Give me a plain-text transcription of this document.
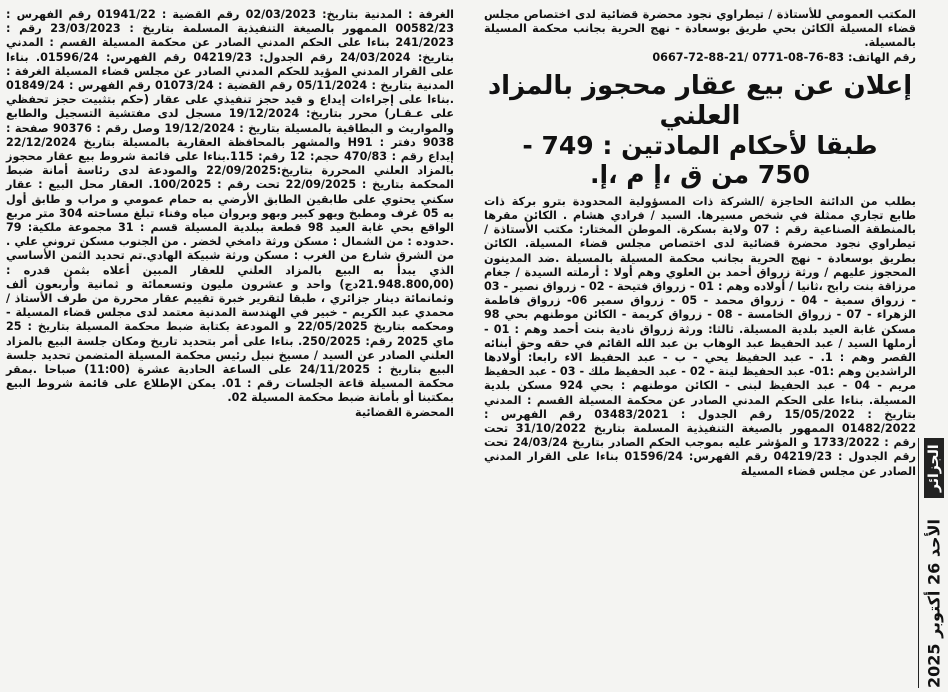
المكتب العمومي للأستاذة / تيطراوي نجود محضرة قضائية لدى اختصاص مجلس قضاء المسيلة الكائن بحي طريق بوسعادة - نهج الحرية بجانب محكمة المسيلة بالمسيلة.

رقم الهاتف: 83-76-08-0771 /21-88-72-0667

إعلان عن بيع عقار محجوز بالمزاد
العلني
طبقا لأحكام المادتين : 749 -
750 من ق ،إ م ،إ.

بطلب من الدائنة الحاجزة /الشركة ذات المسؤولية المحدودة بترو بركة ذات طابع تجاري ممثلة في شخص مسيرها. السيد / فرادي هشام . الكائن مقرها بالمنطقة الصناعية رقم : 07 ولاية بسكرة. الموطن المختار: مكتب الأستاذة / تيطراوي نجود محضرة قضائية لدى اختصاص مجلس قضاء المسيلة. الكائن بطريق بوسعادة - نهج الحرية بجانب محكمة المسيلة بالمسيلة .ضد المدينون المحجوز عليهم / ورثة زرواق أحمد بن العلوي وهم أولا : أرملته السيدة / جغام مرزاقة بنت رابح ،ثانيا / أولاده وهم : 01 - زرواق فتيحة - 02 - زرواق نصير - 03 - زرواق سمية - 04 - زرواق محمد - 05 - زرواق سمير 06- زرواق فاطمة الزهراء - 07 - زرواق الخامسة - 08 - زرواق كريمة - الكائن موطنهم بحي 98 مسكن غابة العيد بلدية المسيلة. ثالثا: ورثة زرواق نادية بنت أحمد وهم : 01 - أرملها السيد / عبد الحفيظ عبد الوهاب بن عبد الله القائم في حقه وحق أبنائه القصر وهم : 1. - عبد الحفيظ يحي - ب - عبد الحفيظ الاء رابعا: أولادها الراشدين وهم :01- عبد الحفيظ لينة - 02 - عبد الحفيظ ملك - 03 - عبد الحفيظ مريم - 04 - عبد الحفيظ لبنى - الكائن موطنهم : بحي 924 مسكن بلدية المسيلة. بناءا على الحكم المدني الصادر عن محكمة المسيلة القسم : المدني بتاريخ : 15/05/2022 رقم الجدول : 03483/2021 رقم الفهرس : 01482/2022 الممهور بالصيغة التنفيذية المسلمة بتاريخ 31/10/2022 تحت رقم : 1733/2022 و المؤشر عليه بموجب الحكم الصادر بتاريخ 24/03/24 تحت رقم الجدول : 04219/23 رقم الفهرس: 01596/24 بناءا على القرار المدني الصادر عن مجلس قضاء المسيلة

الغرفة : المدنية بتاريخ: 02/03/2023 رقم القضية : 01941/22 رقم الفهرس : 00582/23 الممهور بالصيغة التنفيذية المسلمة بتاريخ : 23/03/2023 رقم : 241/2023 بناءا على الحكم المدني الصادر عن محكمة المسيلة القسم : المدني بتاريخ: 24/03/2024 رقم الجدول: 04219/23 رقم الفهرس: 01596/24. بناءا على القرار المدني المؤيد للحكم المدني الصادر عن مجلس قضاء المسيلة الغرفة : المدنية بتاريخ : 05/11/2024 رقم القضية : 01073/24 رقم الفهرس : 01849/24 .بناءا على إجراءات إيداع و قيد حجز تنفيذي على عقار (حكم بتثبيت حجز تحفظي على عـقـار) محرر بتاريخ: 19/12/2024 مسجل لدى مفتشية التسجيل والطابع والمواريث و البطاقية بالمسيلة بتاريخ : 19/12/2024 وصل رقم : 90376 صفحة : 9038 دفتر : H91 والمشهر بالمحافظة العقارية بالمسيلة بتاريخ 22/12/2024 إيداع رقم : 470/83 حجم: 12 رقم: 115.بناءا على قائمة شروط بيع عقار محجوز بالمزاد العلني المحررة بتاريخ:22/09/2025 والمودعة لدى رئاسة أمانة ضبط المحكمة بتاريخ : 22/09/2025 تحت رقم : 100/2025. العقار محل البيع : عقار سكني يحتوي على طابقين الطابق الأرضي به حمام عمومي و مراب و طابق أول به 05 غرف ومطبخ ويهو كبير وبهو وبروان مياه وفناء تبلغ مساحته 304 متر مربع الواقع بحي غابة العيد 98 قطعة ببلدية المسيلة قسم : 31 مجموعة ملكية: 79 .حدوده : من الشمال : مسكن ورثة دامخي لخضر . من الجنوب مسكن تروني علي . من الشرق شارع من الغرب : مسكن ورثة شبيكة الهادي.تم تحديد الثمن الأساسي الذي يبدأ به البيع بالمزاد العلني للعقار المبين أعلاه بثمن قدره : (21.948.800,00دج) واحد و عشرون مليون وتسعمائة و ثمانية وأربعون ألف وثمانمائة دينار جزائري ، طبقا لتقرير خبرة تقييم عقار محررة من طرف الأستاذ / محمدي عبد الكريم - خبير في الهندسة المدنية معتمد لدى مجلس قضاء المسيلة - ومحكمه بتاريخ 22/05/2025 و المودعة بكتابة ضبط محكمة المسيلة بتاريخ : 25 ماي 2025 رقم: 250/2025. بناءا على أمر بتحديد تاريخ ومكان جلسة البيع بالمزاد العلني الصادر عن السيد / مسيخ نبيل رئيس محكمة المسيلة المتضمن تحديد جلسة البيع بتاريخ : 24/11/2025 على الساعة الحادية عشرة (11:00) صباحا .بمقر محكمة المسيلة قاعة الجلسات رقم : 01. يمكن الإطلاع على قائمة شروط البيع بمكتبنا أو بأمانة ضبط محكمة المسيلة 02.

المحضرة القضائية

الأحد 26 أكتوبر 2025
الجزائر
